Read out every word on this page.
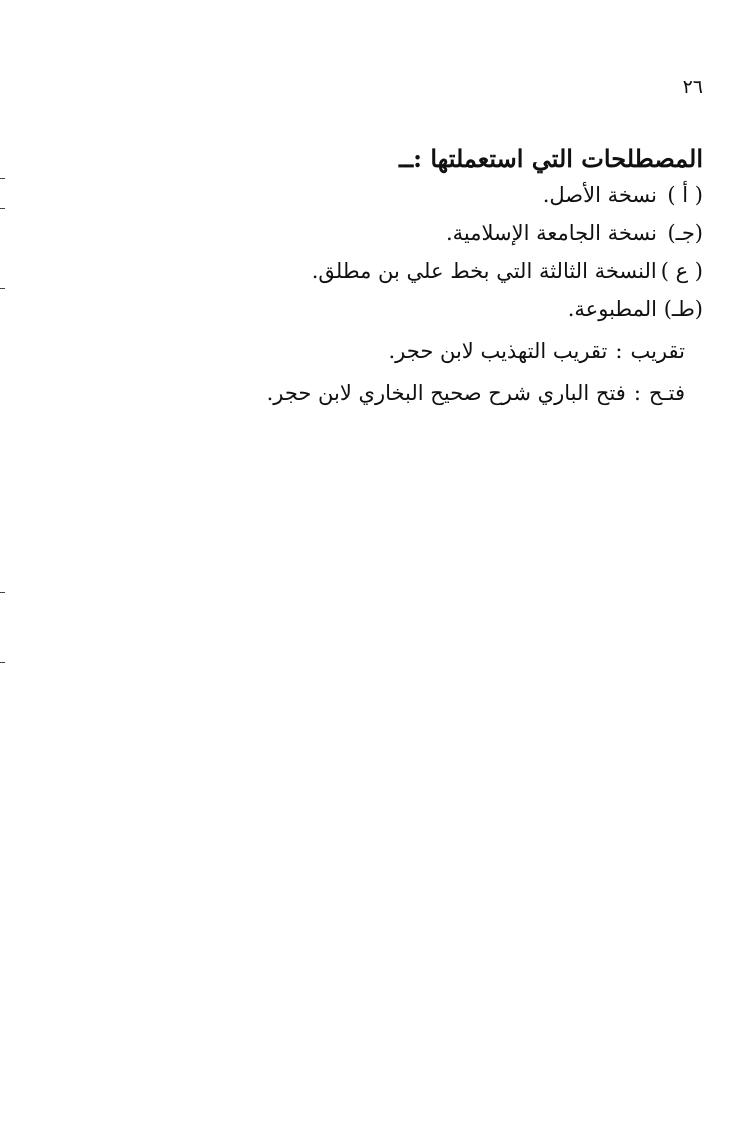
٢٦

المصطلحات التي استعملتها :ــ

( أ )نسخة الأصل.

(جـ)نسخة الجامعة الإسلامية.

( ع )النسخة الثالثة التي بخط علي بن مطلق.

(طـ)المطبوعة.

تقريب:تقريب التهذيب لابن حجر.
فتـح:فتح الباري شرح صحيح البخاري لابن حجر.
